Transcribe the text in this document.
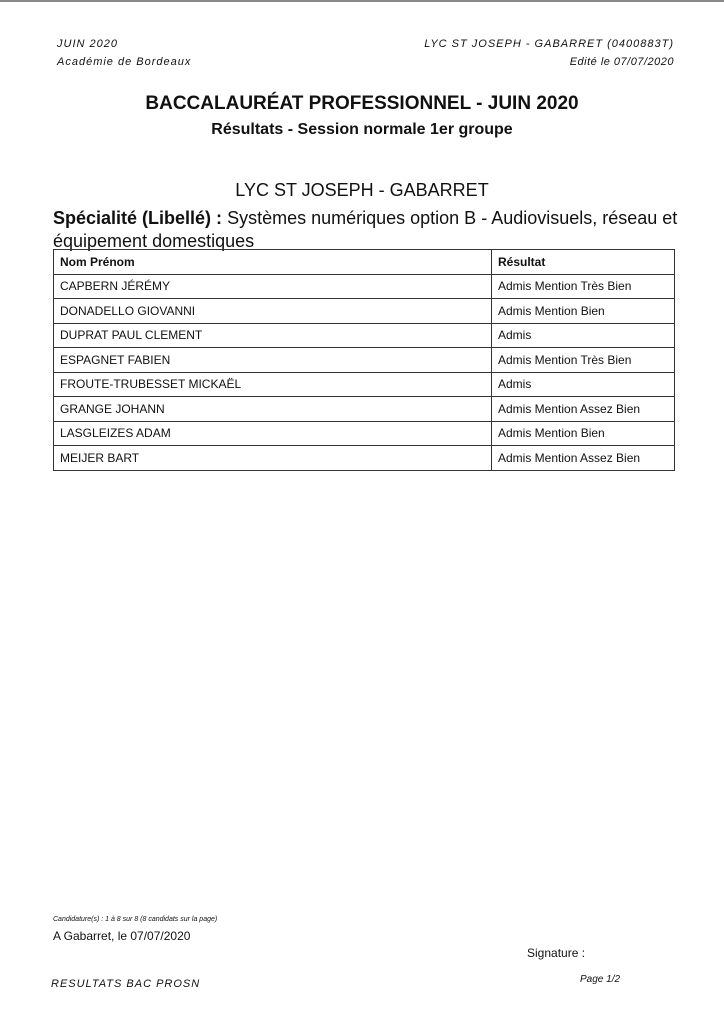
JUIN 2020
Académie de Bordeaux
LYC ST JOSEPH - GABARRET (0400883T)
Edité le 07/07/2020
BACCALAURÉAT PROFESSIONNEL - JUIN 2020
Résultats - Session normale 1er groupe
LYC ST JOSEPH - GABARRET
Spécialité (Libellé) : Systèmes numériques option B - Audiovisuels, réseau et équipement domestiques
Nom Prénom	Résultat
CAPBERN JÉRÉMY	Admis Mention Très Bien
DONADELLO GIOVANNI	Admis Mention Bien
DUPRAT PAUL CLEMENT	Admis
ESPAGNET FABIEN	Admis Mention Très Bien
FROUTE-TRUBESSET MICKAËL	Admis
GRANGE JOHANN	Admis Mention Assez Bien
LASGLEIZES ADAM	Admis Mention Bien
MEIJER BART	Admis Mention Assez Bien
Candidature(s) : 1 à 8 sur 8 (8 candidats sur la page)
A Gabarret, le 07/07/2020
Signature :
RESULTATS BAC PROSN	Page 1/2
